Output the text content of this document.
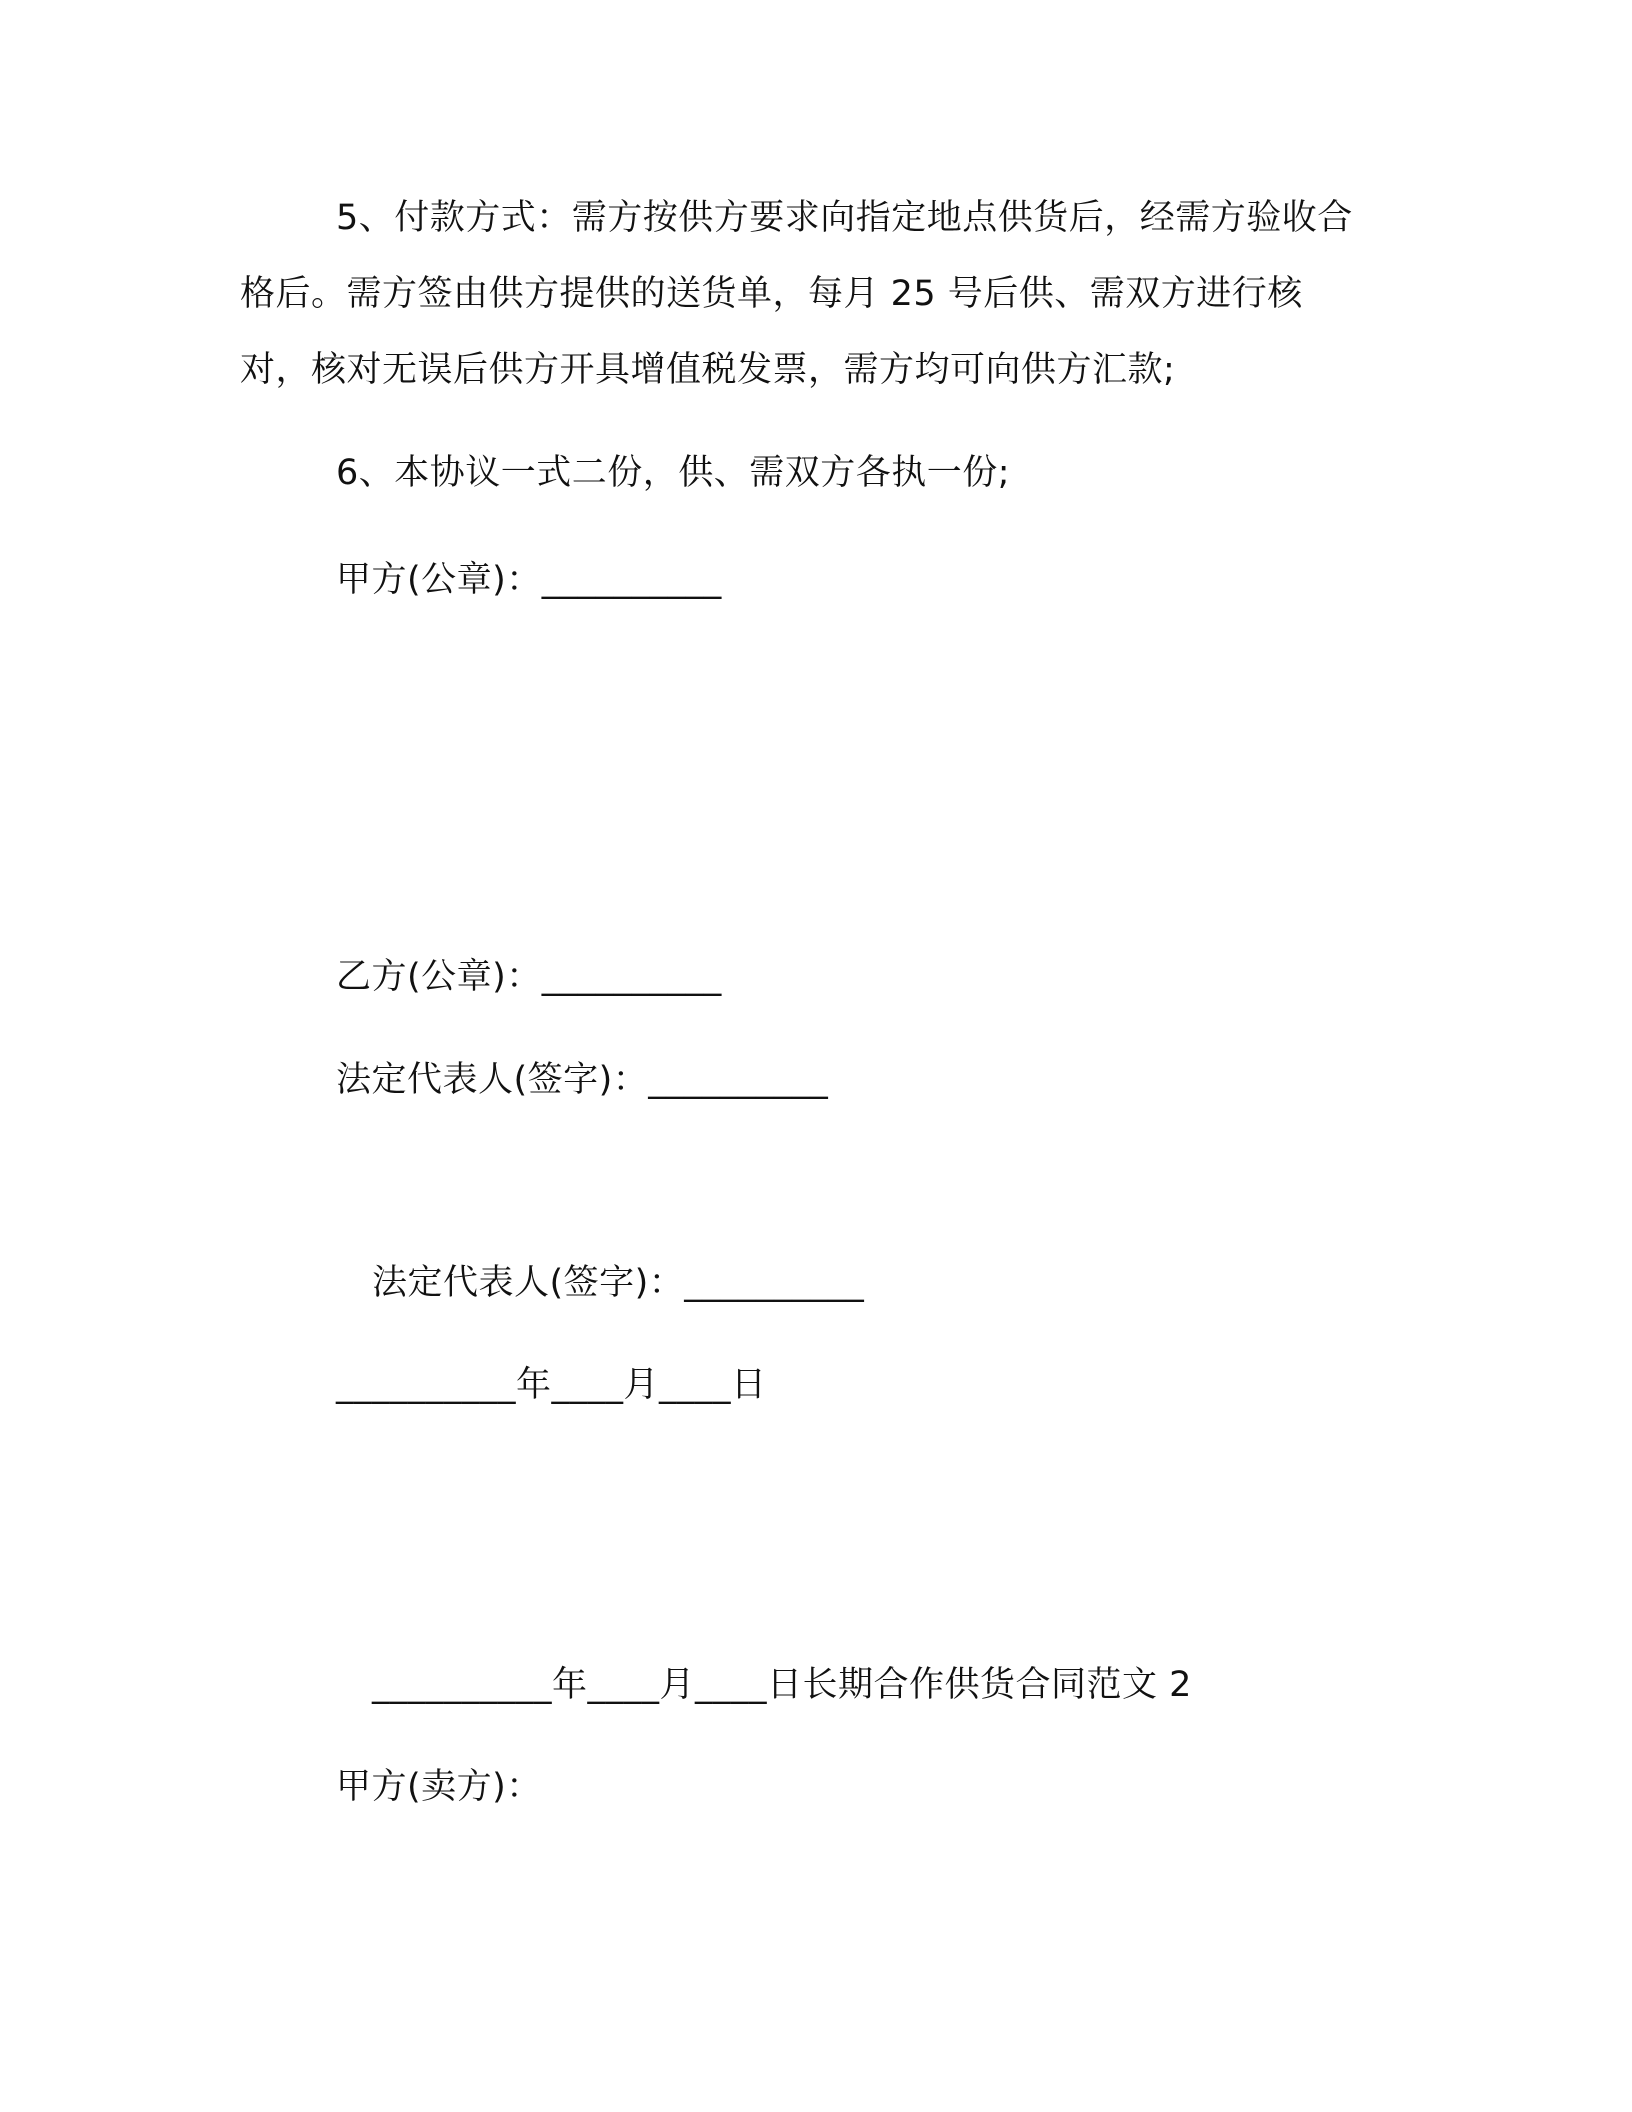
5、付款方式：需方按供方要求向指定地点供货后，经需方验收合格后。需方签由供方提供的送货单，每月 25 号后供、需双方进行核对，核对无误后供方开具增值税发票，需方均可向供方汇款;

6、本协议一式二份，供、需双方各执一份;
甲方(公章)：__________
乙方(公章)：__________
法定代表人(签字)：__________
法定代表人(签字)：__________
__________年____月____日
__________年____月____日长期合作供货合同范文 2
甲方(卖方)：
